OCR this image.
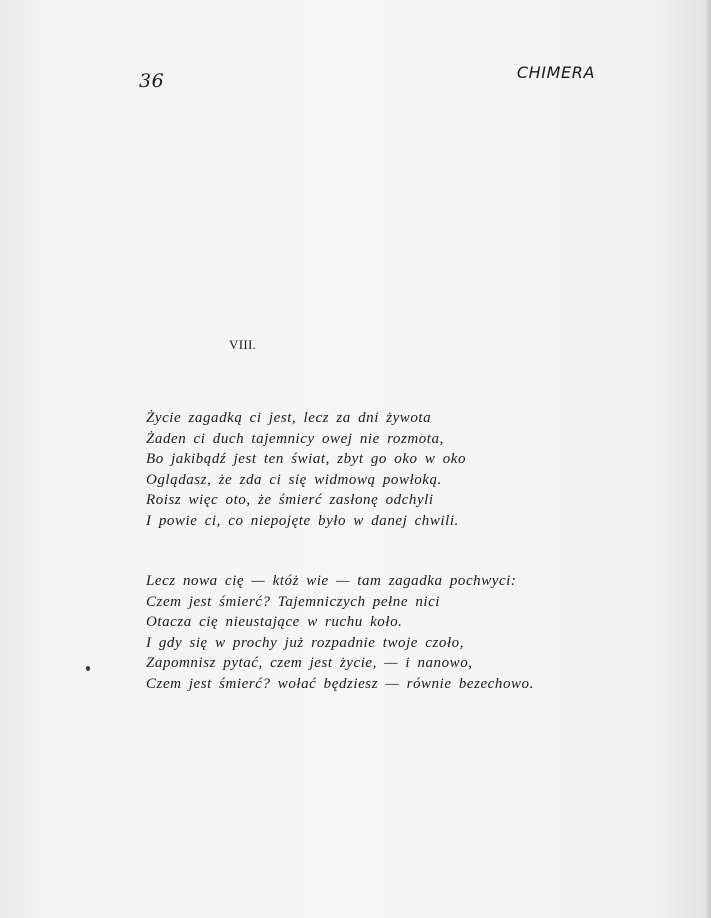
36	CHIMERA
VIII.
Życie zagadką ci jest, lecz za dni żywota
Żaden ci duch tajemnicy owej nie rozmota,
Bo jakibądź jest ten świat, zbyt go oko w oko
Oglądasz, że zda ci się widmową powłoką.
Roisz więc oto, że śmierć zasłonę odchyli
I powie ci, co niepojęte było w danej chwili.
Lecz nowa cię — któż wie — tam zagadka pochwyci:
Czem jest śmierć? Tajemniczych pełne nici
Otacza cię nieustające w ruchu koło.
I gdy się w prochy już rozpadnie twoje czoło,
Zapomnisz pytać, czem jest życie, — i nanowo,
Czem jest śmierć? wołać będziesz — równie bezechowo.
